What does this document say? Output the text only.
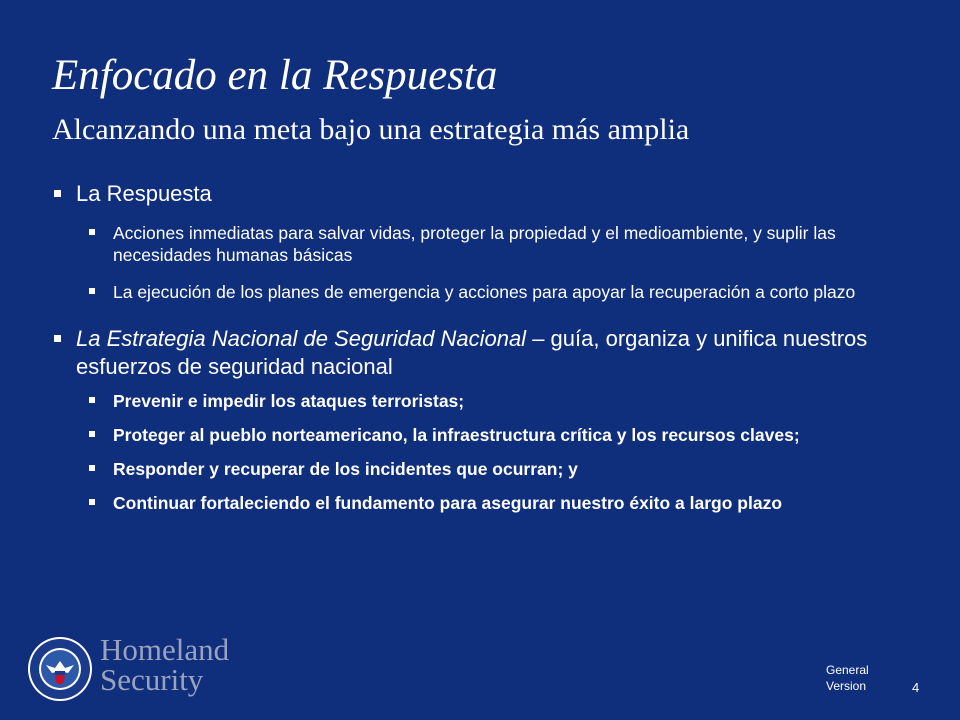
Enfocado en la Respuesta
Alcanzando una meta bajo una estrategia más amplia
La Respuesta
Acciones inmediatas para salvar vidas, proteger la propiedad y el medioambiente, y suplir las necesidades humanas básicas
La ejecución de los planes de emergencia y acciones para apoyar la recuperación a corto plazo
La Estrategia Nacional de Seguridad Nacional – guía, organiza y unifica nuestros esfuerzos de seguridad nacional
Prevenir e impedir los ataques terroristas;
Proteger al pueblo norteamericano, la infraestructura crítica y los recursos claves;
Responder y recuperar de los incidentes que ocurran; y
Continuar fortaleciendo el fundamento para asegurar nuestro éxito a largo plazo
Homeland
Security	General
Version	4
